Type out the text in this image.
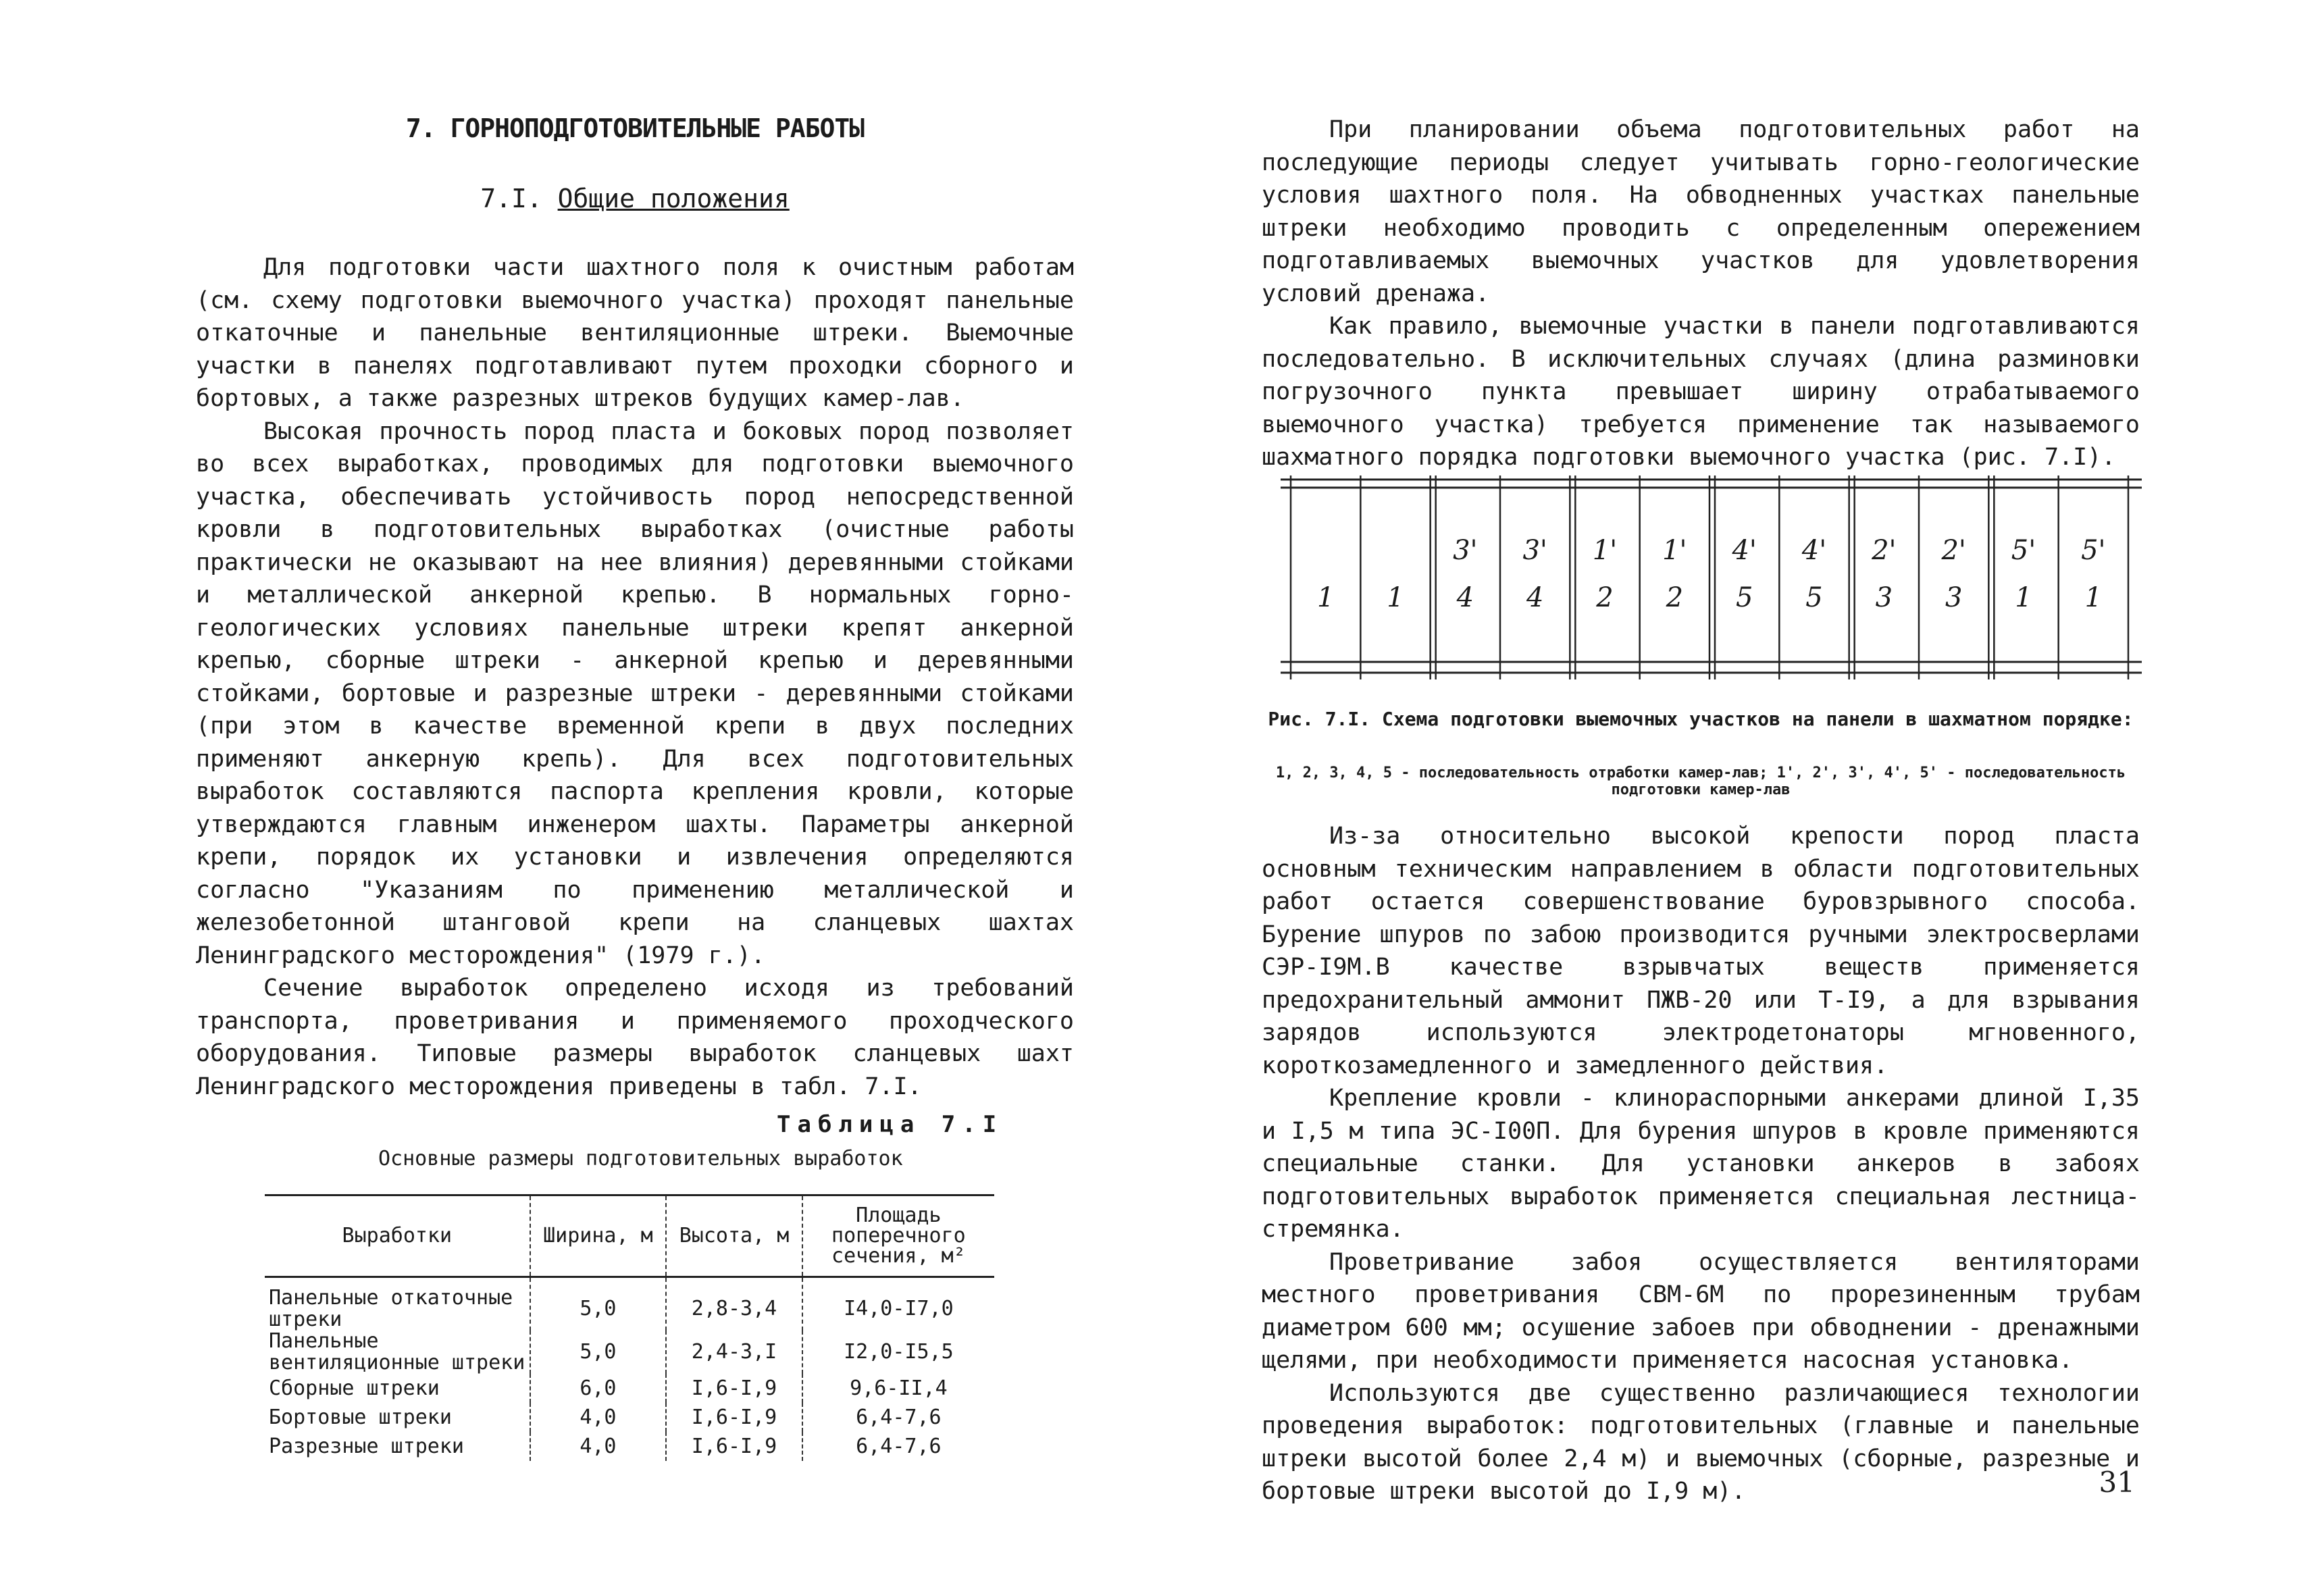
7. ГОРНОПОДГОТОВИТЕЛЬНЫЕ РАБОТЫ
7.I. Общие положения

Для подготовки части шахтного поля к очистным работам (см. схему подготовки выемочного участка) проходят панельные откаточные и панельные вентиляционные штреки. Выемочные участки в панелях подготавливают путем проходки сборного и бортовых, а также разрезных штреков будущих камер-лав.

Высокая прочность пород пласта и боковых пород позволяет во всех выработках, проводимых для подготовки выемочного участка, обеспечивать устойчивость пород непосредственной кровли в подготовительных выработках (очистные работы практически не оказывают на нее влияния) деревянными стойками и металлической анкерной крепью. В нормальных горно-геологических условиях панельные штреки крепят анкерной крепью, сборные штреки - анкерной крепью и деревянными стойками, бортовые и разрезные штреки - деревянными стойками (при этом в качестве временной крепи в двух последних применяют анкерную крепь). Для всех подготовительных выработок составляются паспорта крепления кровли, которые утверждаются главным инженером шахты. Параметры анкерной крепи, порядок их установки и извлечения определяются согласно "Указаниям по применению металлической и железобетонной штанговой крепи на сланцевых шахтах Ленинградского месторождения" (1979 г.).

Сечение выработок определено исходя из требований транспорта, проветривания и применяемого проходческого оборудования. Типовые размеры выработок сланцевых шахт Ленинградского месторождения приведены в табл. 7.I.

Таблица 7.I
Основные размеры подготовительных выработок
Выработки	Ширина, м	Высота, м	Площадь поперечного сечения, м²
Панельные откаточные штреки	5,0	2,8-3,4	I4,0-I7,0
Панельные вентиляционные штреки	5,0	2,4-3,I	I2,0-I5,5
Сборные штреки	6,0	I,6-I,9	9,6-II,4
Бортовые штреки	4,0	I,6-I,9	6,4-7,6
Разрезные штреки	4,0	I,6-I,9	6,4-7,6

При планировании объема подготовительных работ на последующие периоды следует учитывать горно-геологические условия шахтного поля. На обводненных участках панельные штреки необходимо проводить с определенным опережением подготавливаемых выемочных участков для удовлетворения условий дренажа.

Как правило, выемочные участки в панели подготавливаются последовательно. В исключительных случаях (длина разминовки погрузочного пункта превышает ширину отрабатываемого выемочного участка) требуется применение так называемого шахматного порядка подготовки выемочного участка (рис. 7.I).

1 1
3'
4
3'
4
1'
2
1'
2
4'
5
4'
5
2'
3
2'
3
5'
1
5'
1
Рис. 7.I. Схема подготовки выемочных участков на панели в шахматном порядке:
1, 2, 3, 4, 5 - последовательность отработки камер-лав; 1', 2', 3', 4', 5' - последовательность подготовки камер-лав

Из-за относительно высокой крепости пород пласта основным техническим направлением в области подготовительных работ остается совершенствование буровзрывного способа. Бурение шпуров по забою производится ручными электросверлами СЭР-I9М.В качестве взрывчатых веществ применяется предохранительный аммонит ПЖВ-20 или Т-I9, а для взрывания зарядов используются электродетонаторы мгновенного, короткозамедленного и замедленного действия.

Крепление кровли - клинораспорными анкерами длиной I,35 и I,5 м типа ЭС-I00П. Для бурения шпуров в кровле применяются специальные станки. Для установки анкеров в забоях подготовительных выработок применяется специальная лестница-стремянка.

Проветривание забоя осуществляется вентиляторами местного проветривания СВМ-6М по прорезиненным трубам диаметром 600 мм; осушение забоев при обводнении - дренажными щелями, при необходимости применяется насосная установка.

Используются две существенно различающиеся технологии проведения выработок: подготовительных (главные и панельные штреки высотой более 2,4 м) и выемочных (сборные, разрезные и бортовые штреки высотой до I,9 м).	31
